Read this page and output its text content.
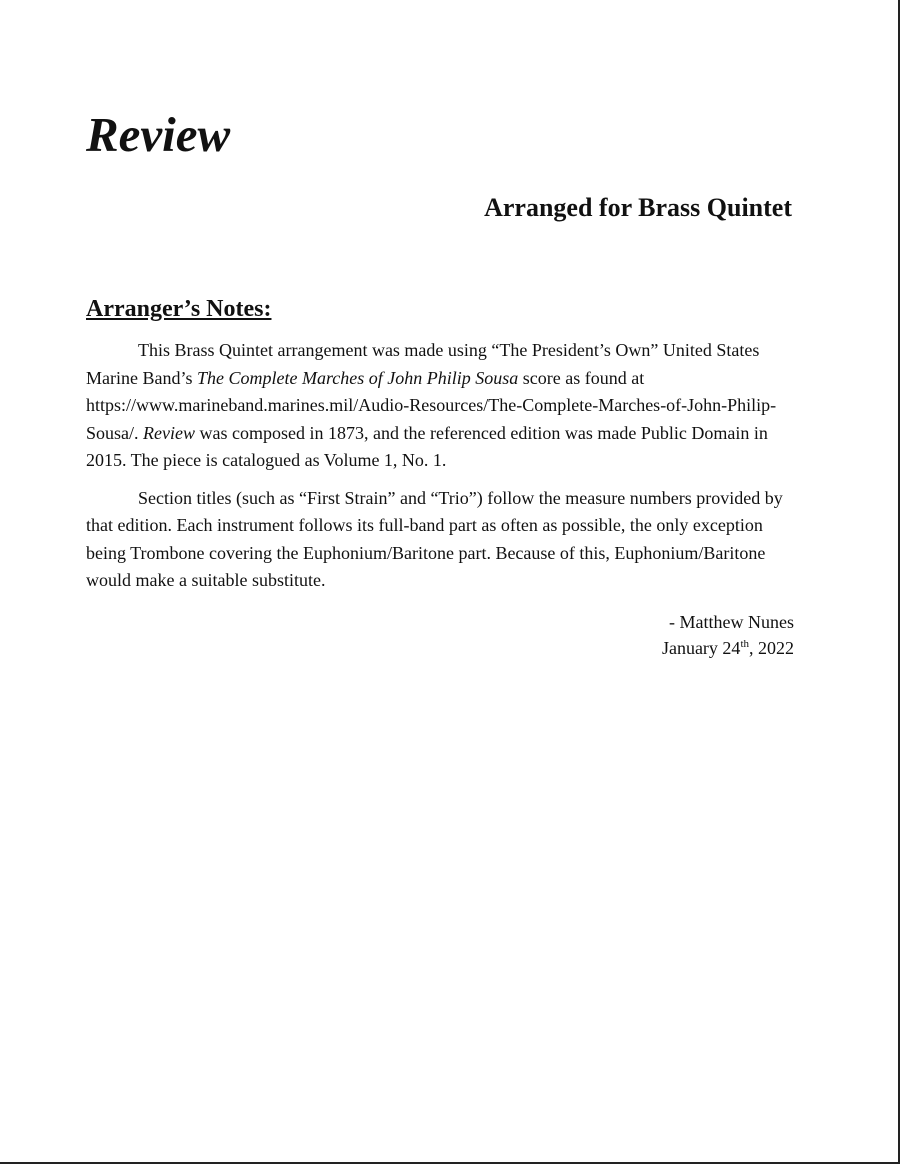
Review
Arranged for Brass Quintet
Arranger’s Notes:

This Brass Quintet arrangement was made using “The President’s Own” United States Marine Band’s The Complete Marches of John Philip Sousa score as found at https://www.marineband.marines.mil/Audio-Resources/The-Complete-Marches-of-John-Philip-Sousa/. Review was composed in 1873, and the referenced edition was made Public Domain in 2015. The piece is catalogued as Volume 1, No. 1.

Section titles (such as “First Strain” and “Trio”) follow the measure numbers provided by that edition. Each instrument follows its full-band part as often as possible, the only exception being Trombone covering the Euphonium/Baritone part. Because of this, Euphonium/Baritone would make a suitable substitute.

- Matthew Nunes
January 24th, 2022
